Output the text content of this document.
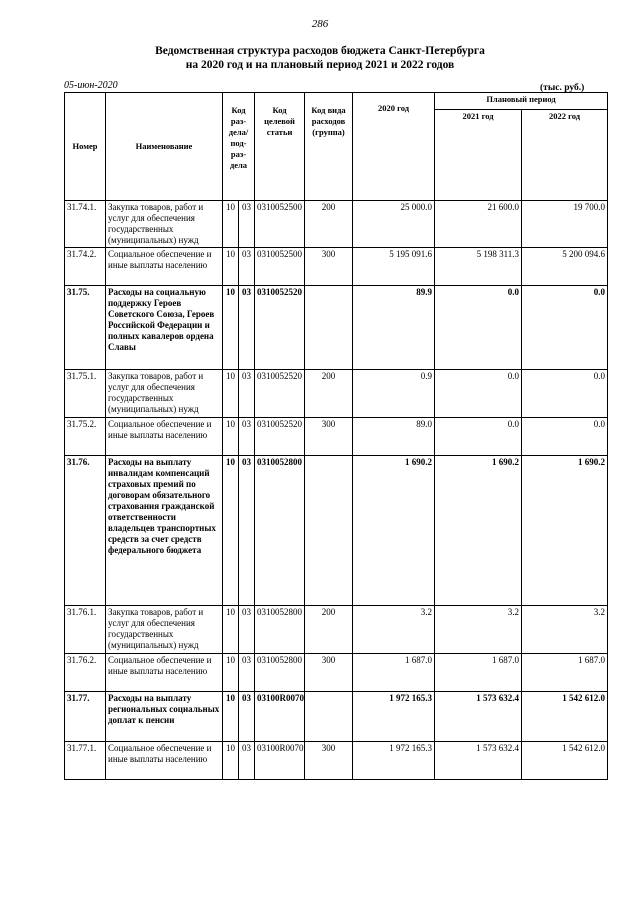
286
Ведомственная структура расходов бюджета Санкт-Петербурга
на 2020 год и на плановый период 2021 и 2022 годов
05-июн-2020	(тыс. руб.)
Номер	Наименование	Код раз-дела/ под-раз-дела		Код целевой статьи	Код вида расходов (группа)	2020 год	Плановый период	
							2021 год	2022 год
31.74.1.	Закупка товаров, работ и услуг для обеспечения государственных (муниципальных) нужд	10	03	0310052500	200	25 000.0	21 600.0	19 700.0
31.74.2.	Социальное обеспечение и иные выплаты населению	10	03	0310052500	300	5 195 091.6	5 198 311.3	5 200 094.6
31.75.	Расходы на социальную поддержку Героев Советского Союза, Героев Российской Федерации и полных кавалеров ордена Славы	10	03	0310052520		89.9	0.0	0.0
31.75.1.	Закупка товаров, работ и услуг для обеспечения государственных (муниципальных) нужд	10	03	0310052520	200	0.9	0.0	0.0
31.75.2.	Социальное обеспечение и иные выплаты населению	10	03	0310052520	300	89.0	0.0	0.0
31.76.	Расходы на выплату инвалидам компенсаций страховых премий по договорам обязательного страхования гражданской ответственности владельцев транспортных средств за счет средств федерального бюджета	10	03	0310052800		1 690.2	1 690.2	1 690.2
31.76.1.	Закупка товаров, работ и услуг для обеспечения государственных (муниципальных) нужд	10	03	0310052800	200	3.2	3.2	3.2
31.76.2.	Социальное обеспечение и иные выплаты населению	10	03	0310052800	300	1 687.0	1 687.0	1 687.0
31.77.	Расходы на выплату региональных социальных доплат к пенсии	10	03	03100R0070		1 972 165.3	1 573 632.4	1 542 612.0
31.77.1.	Социальное обеспечение и иные выплаты населению	10	03	03100R0070	300	1 972 165.3	1 573 632.4	1 542 612.0
